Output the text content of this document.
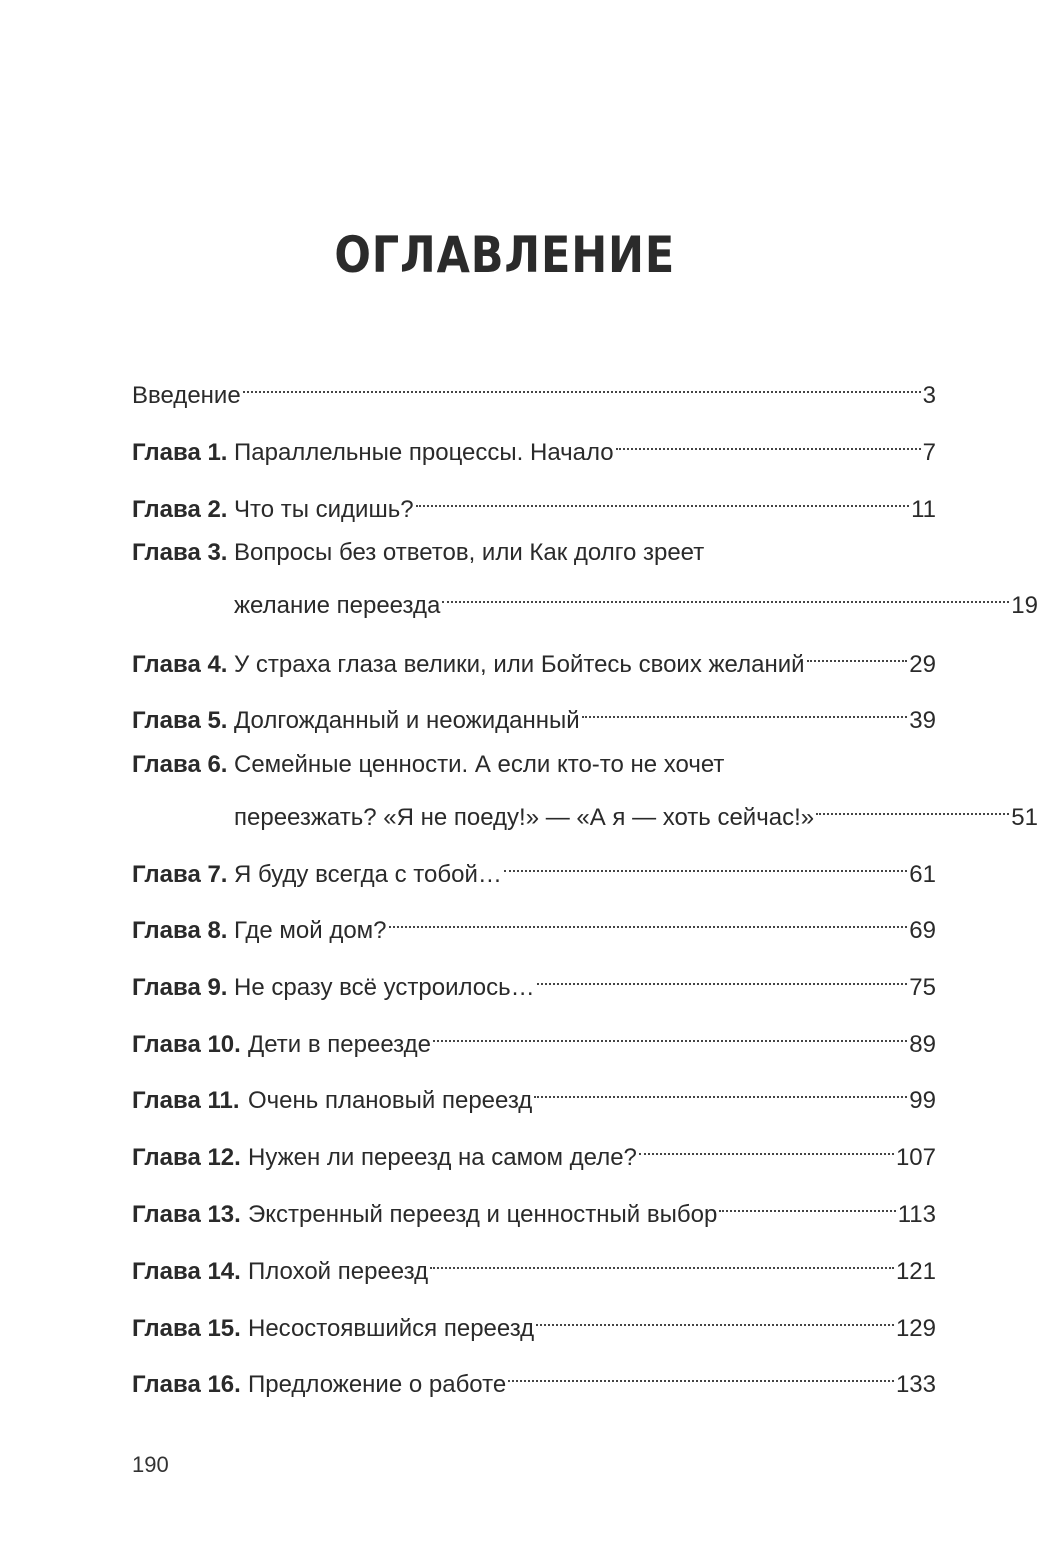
ОГЛАВЛЕНИЕ
Введение	3
Глава 1. Параллельные процессы. Начало	7
Глава 2. Что ты сидишь?	11
Глава 3. Вопросы без ответов, или Как долго зреет
желание переезда	19
Глава 4. У страха глаза велики, или Бойтесь своих желаний	29
Глава 5. Долгожданный и неожиданный	39
Глава 6. Семейные ценности. А если кто-то не хочет
переезжать? «Я не поеду!» — «А я — хоть сейчас!»	51
Глава 7. Я буду всегда с тобой…	61
Глава 8. Где мой дом?	69
Глава 9. Не сразу всё устроилось…	75
Глава 10. Дети в переезде	89
Глава 11. Очень плановый переезд	99
Глава 12. Нужен ли переезд на самом деле?	107
Глава 13. Экстренный переезд и ценностный выбор	113
Глава 14. Плохой переезд	121
Глава 15. Несостоявшийся переезд	129
Глава 16. Предложение о работе	133
190
